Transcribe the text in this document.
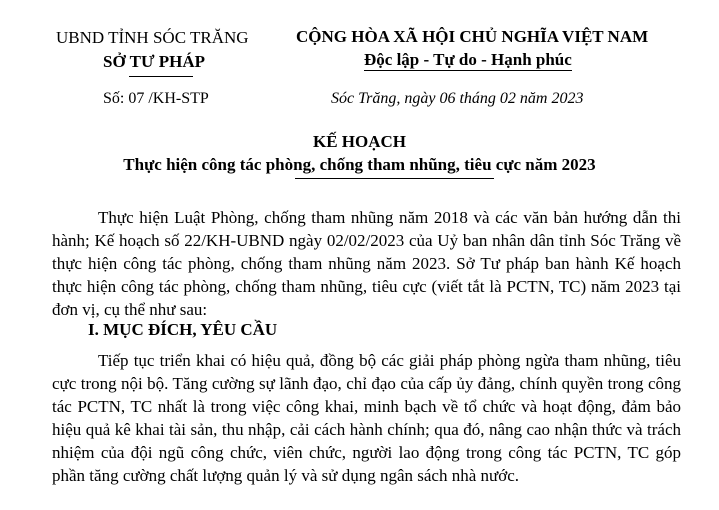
UBND TỈNH SÓC TRĂNG
SỞ TƯ PHÁP
CỘNG HÒA XÃ HỘI CHỦ NGHĨA VIỆT NAM
Độc lập - Tự do - Hạnh phúc
Số: 07 /KH-STP	Sóc Trăng, ngày 06 tháng 02 năm 2023
KẾ HOẠCH
Thực hiện công tác phòng, chống tham nhũng, tiêu cực năm 2023
Thực hiện Luật Phòng, chống tham nhũng năm 2018 và các văn bản hướng dẫn thi hành; Kế hoạch số 22/KH-UBND ngày 02/02/2023 của Uỷ ban nhân dân tỉnh Sóc Trăng về thực hiện công tác phòng, chống tham nhũng năm 2023. Sở Tư pháp ban hành Kế hoạch thực hiện công tác phòng, chống tham nhũng, tiêu cực (viết tắt là PCTN, TC) năm 2023 tại đơn vị, cụ thể như sau:
I. MỤC ĐÍCH, YÊU CẦU
Tiếp tục triển khai có hiệu quả, đồng bộ các giải pháp phòng ngừa tham nhũng, tiêu cực trong nội bộ. Tăng cường sự lãnh đạo, chỉ đạo của cấp ủy đảng, chính quyền trong công tác PCTN, TC nhất là trong việc công khai, minh bạch về tổ chức và hoạt động, đảm bảo hiệu quả kê khai tài sản, thu nhập, cải cách hành chính; qua đó, nâng cao nhận thức và trách nhiệm của đội ngũ công chức, viên chức, người lao động trong công tác PCTN, TC góp phần tăng cường chất lượng quản lý và sử dụng ngân sách nhà nước.
